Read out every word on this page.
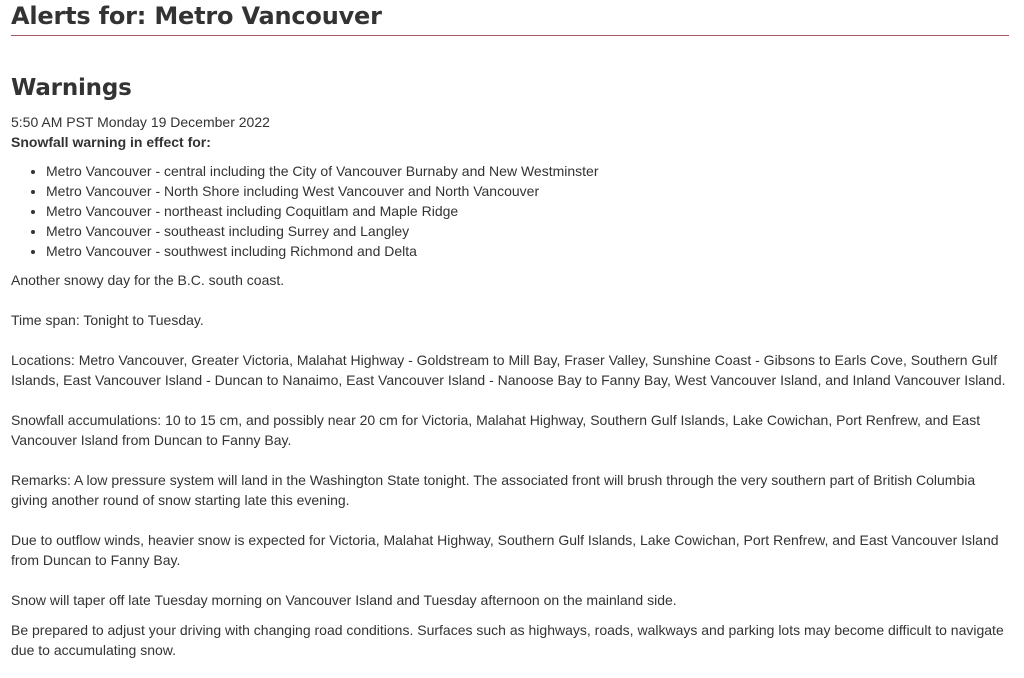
Alerts for: Metro Vancouver
Warnings

5:50 AM PST Monday 19 December 2022

Snowfall warning in effect for:

• Metro Vancouver - central including the City of Vancouver Burnaby and New Westminster
• Metro Vancouver - North Shore including West Vancouver and North Vancouver
• Metro Vancouver - northeast including Coquitlam and Maple Ridge
• Metro Vancouver - southeast including Surrey and Langley
• Metro Vancouver - southwest including Richmond and Delta

Another snowy day for the B.C. south coast.

Time span: Tonight to Tuesday.

Locations: Metro Vancouver, Greater Victoria, Malahat Highway - Goldstream to Mill Bay, Fraser Valley, Sunshine Coast - Gibsons to Earls Cove, Southern Gulf Islands, East Vancouver Island - Duncan to Nanaimo, East Vancouver Island - Nanoose Bay to Fanny Bay, West Vancouver Island, and Inland Vancouver Island.

Snowfall accumulations: 10 to 15 cm, and possibly near 20 cm for Victoria, Malahat Highway, Southern Gulf Islands, Lake Cowichan, Port Renfrew, and East Vancouver Island from Duncan to Fanny Bay.

Remarks: A low pressure system will land in the Washington State tonight. The associated front will brush through the very southern part of British Columbia giving another round of snow starting late this evening.

Due to outflow winds, heavier snow is expected for Victoria, Malahat Highway, Southern Gulf Islands, Lake Cowichan, Port Renfrew, and East Vancouver Island from Duncan to Fanny Bay.

Snow will taper off late Tuesday morning on Vancouver Island and Tuesday afternoon on the mainland side.

Be prepared to adjust your driving with changing road conditions. Surfaces such as highways, roads, walkways and parking lots may become difficult to navigate due to accumulating snow.
